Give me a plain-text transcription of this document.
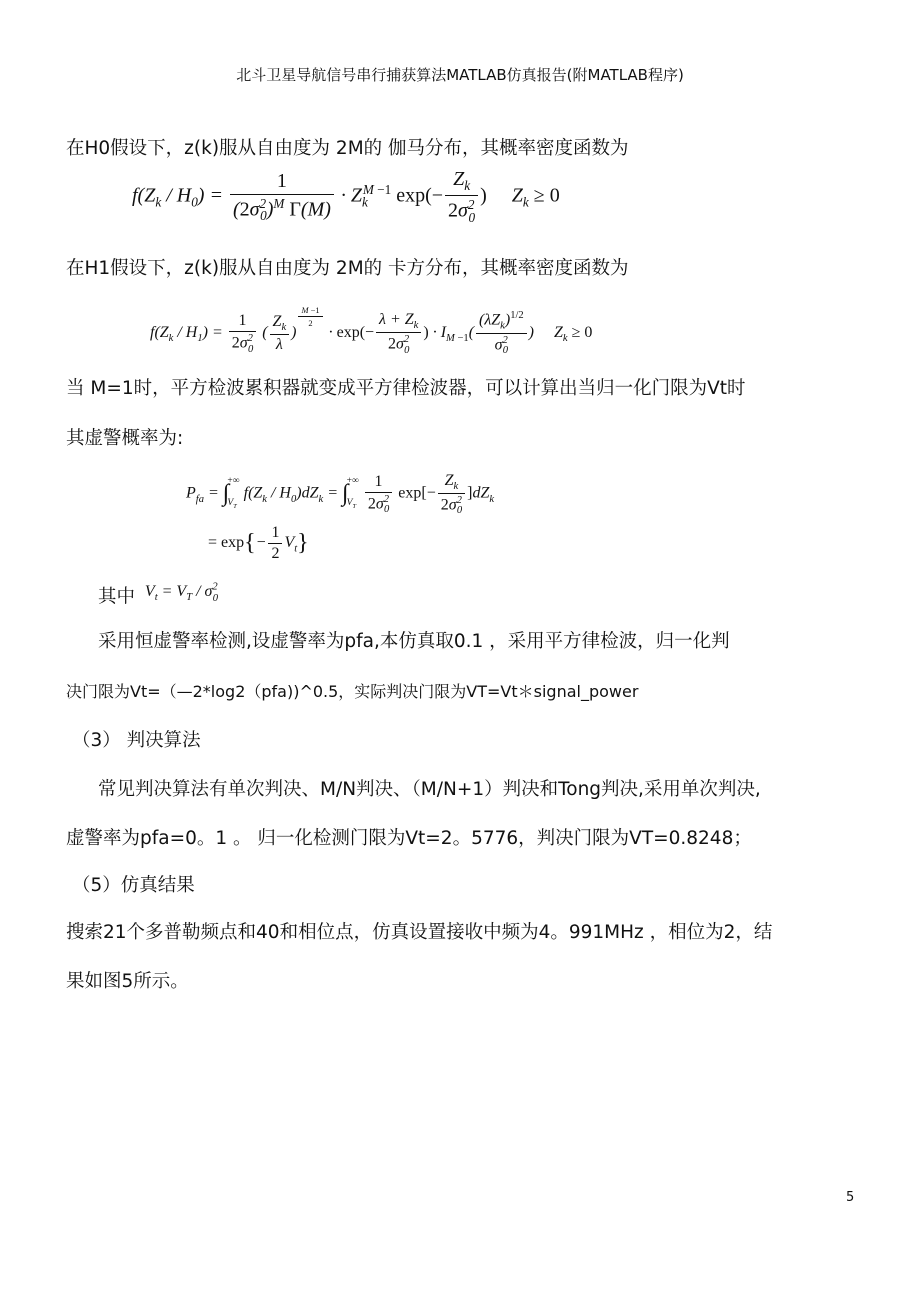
北斗卫星导航信号串行捕获算法MATLAB仿真报告(附MATLAB程序)
在H0假设下，z(k)服从自由度为 2M的 伽马分布，其概率密度函数为
$f(Z_k / H_0) = \frac{1}{(2\sigma^2_0)^M \Gamma(M)} \cdot Z_k^{M -1}$ $\exp(- \frac{Z_k}{2\sigma^2_0}$ )     $Z_k \ge 0$
在H1假设下，z(k)服从自由度为 2M的 卡方分布，其概率密度函数为
$f(Z_k / H_1) = \frac{1}{2\sigma^2_0}$ ( $\frac{Z_k}{\lambda}$ )
$^{\frac{M -1}{2}}$
· $\exp(- \frac{\lambda + Z_k}{2\sigma^2_0}$ ) · $I_{M -1}( \frac{(\lambda Z_k)^{1/2}}{\sigma^2_0}$ )     $Z_k \ge 0$
当 M=1时，平方检波累积器就变成平方律检波器，可以计算出当归一化门限为Vt时
其虚警概率为:
$P_{fa}$ = ∫
+∞
$V_T$
$f(Z_k / H_0)dZ_k$ = ∫
+∞
$V_T$
$\frac{1}{2\sigma^2_0} \exp[- \frac{Z_k}{2\sigma^2_0} ]dZ_k$
= $\exp\{- \frac{1}{2} V_t\}$
其中 $V_t = V_T / \sigma^2_0$
采用恒虚警率检测,设虚警率为pfa,本仿真取0.1 ，采用平方律检波，归一化判
决门限为Vt=（—2*log2（pfa))^0.5，实际判决门限为VT=Vt＊signal_power
（3） 判决算法
常见判决算法有单次判决、M/N判决、（M/N+1）判决和Tong判决,采用单次判决,
虚警率为pfa=0。1 。 归一化检测门限为Vt=2。5776，判决门限为VT=0.8248；
（5）仿真结果
搜索21个多普勒频点和40和相位点，仿真设置接收中频为4。991MHz ，相位为2，结
果如图5所示。
5
